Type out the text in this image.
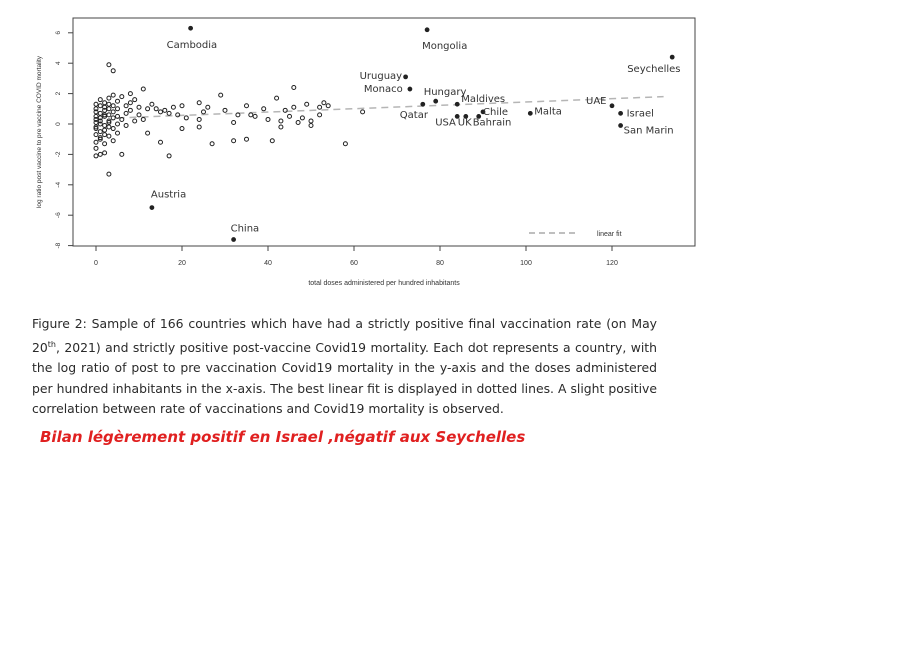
0	20	40	60	80	100	120
-8
-6
-4
-2
0
2
4
6
Cambodia	Mongolia
Seychelles
Uruguay
Monaco Hungary
Qatar
Maldives
Chile
USA UK Bahrain
Malta
UAE
Israel
San Marin
Austria
China
log ratio post vaccine to pre vaccine COVID mortality
total doses administered per hundred inhabitants
linear fit

Figure 2: Sample of 166 countries which have had a strictly positive final vaccination rate (on May 20th, 2021) and strictly positive post-vaccine Covid19 mortality. Each dot represents a country, with the log ratio of post to pre vaccination Covid19 mortality in the y-axis and the doses administered per hundred inhabitants in the x-axis. The best linear fit is displayed in dotted lines. A slight positive correlation between rate of vaccinations and Covid19 mortality is observed.

Bilan légèrement positif en Israel ,négatif aux Seychelles
